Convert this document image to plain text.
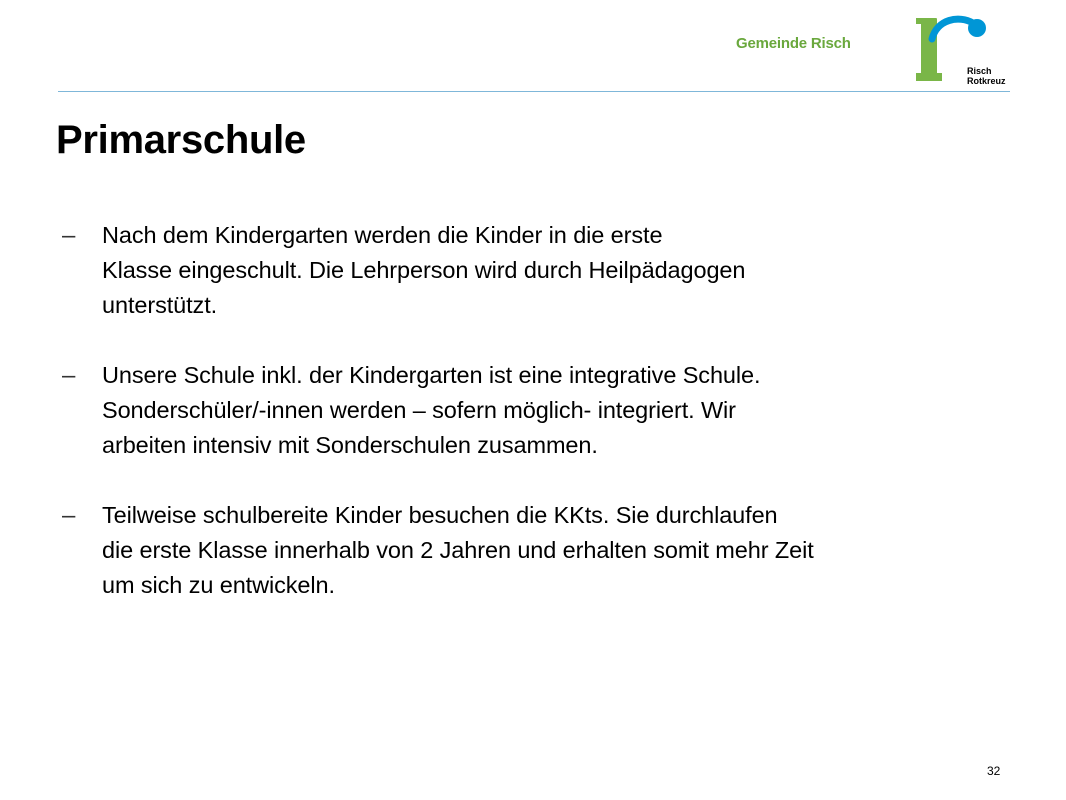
Gemeinde Risch
Risch
Rotkreuz
Primarschule
–	Nach dem Kindergarten werden die Kinder in die erste
Klasse eingeschult. Die Lehrperson wird durch Heilpädagogen
unterstützt.
–	Unsere Schule inkl. der Kindergarten ist eine integrative Schule.
Sonderschüler/-innen werden – sofern möglich- integriert. Wir
arbeiten intensiv mit Sonderschulen zusammen.
–	Teilweise schulbereite Kinder besuchen die KKts. Sie durchlaufen
die erste Klasse innerhalb von 2 Jahren und erhalten somit mehr Zeit
um sich zu entwickeln.
32
